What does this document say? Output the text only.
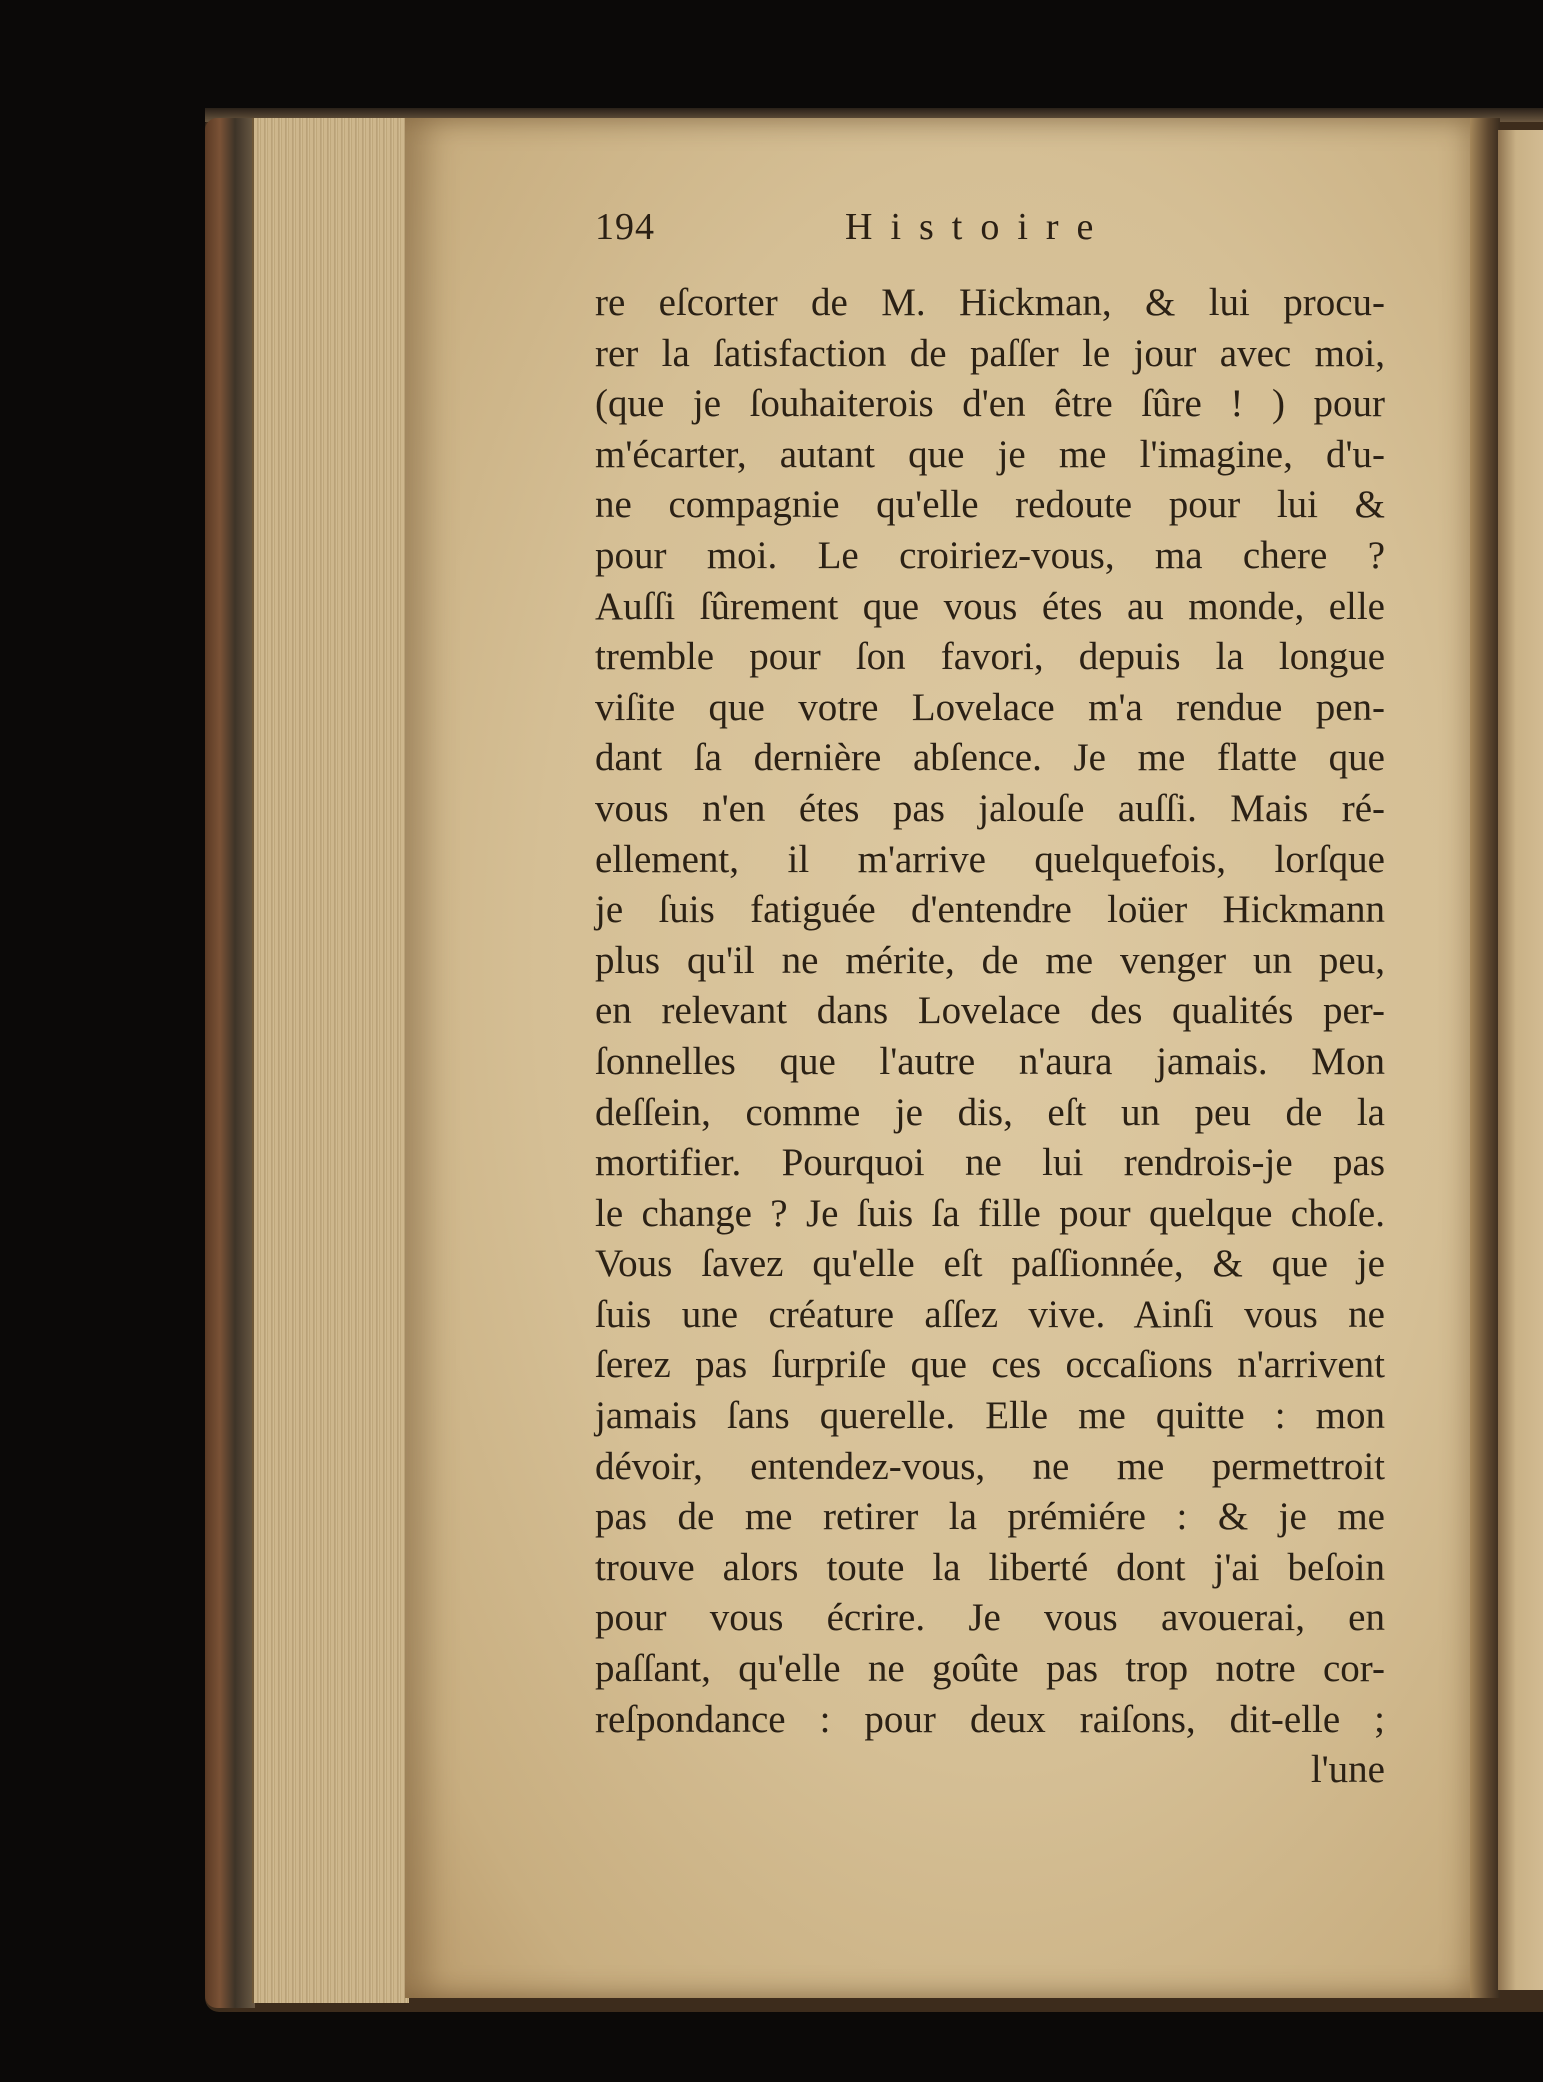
194	Histoire
re eſcorter de M. Hickman, & lui procu-
rer la ſatisfaction de paſſer le jour avec moi,
(que je ſouhaiterois d'en être ſûre ! ) pour
m'écarter, autant que je me l'imagine, d'u-
ne compagnie qu'elle redoute pour lui &
pour moi. Le croiriez-vous, ma chere ?
Auſſi ſûrement que vous étes au monde, elle
tremble pour ſon favori, depuis la longue
viſite que votre Lovelace m'a rendue pen-
dant ſa dernière abſence. Je me flatte que
vous n'en étes pas jalouſe auſſi. Mais ré-
ellement, il m'arrive quelquefois, lorſque
je ſuis fatiguée d'entendre loüer Hickmann
plus qu'il ne mérite, de me venger un peu,
en relevant dans Lovelace des qualités per-
ſonnelles que l'autre n'aura jamais. Mon
deſſein, comme je dis, eſt un peu de la
mortifier. Pourquoi ne lui rendrois-je pas
le change ? Je ſuis ſa fille pour quelque choſe.
Vous ſavez qu'elle eſt paſſionnée, & que je
ſuis une créature aſſez vive. Ainſi vous ne
ſerez pas ſurpriſe que ces occaſions n'arrivent
jamais ſans querelle. Elle me quitte : mon
dévoir, entendez-vous, ne me permettroit
pas de me retirer la prémiére : & je me
trouve alors toute la liberté dont j'ai beſoin
pour vous écrire. Je vous avouerai, en
paſſant, qu'elle ne goûte pas trop notre cor-
reſpondance : pour deux raiſons, dit-elle ;
l'une
